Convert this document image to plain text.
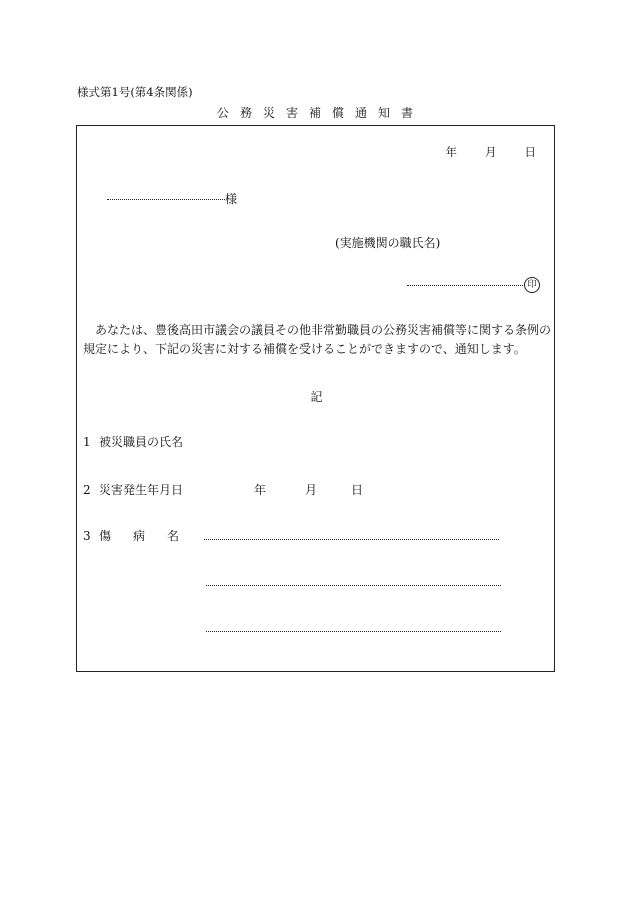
様式第1号(第4条関係)
公 務 災 害 補 償 通 知 書
年 月 日
様
(実施機関の職氏名)
印

あなたは、豊後高田市議会の議員その他非常勤職員の公務災害補償等に関する条例の

規定により、下記の災害に対する補償を受けることができますので、通知します。

記
1 被災職員の氏名
2 災害発生年月日	年	月	日
3 傷 病 名
